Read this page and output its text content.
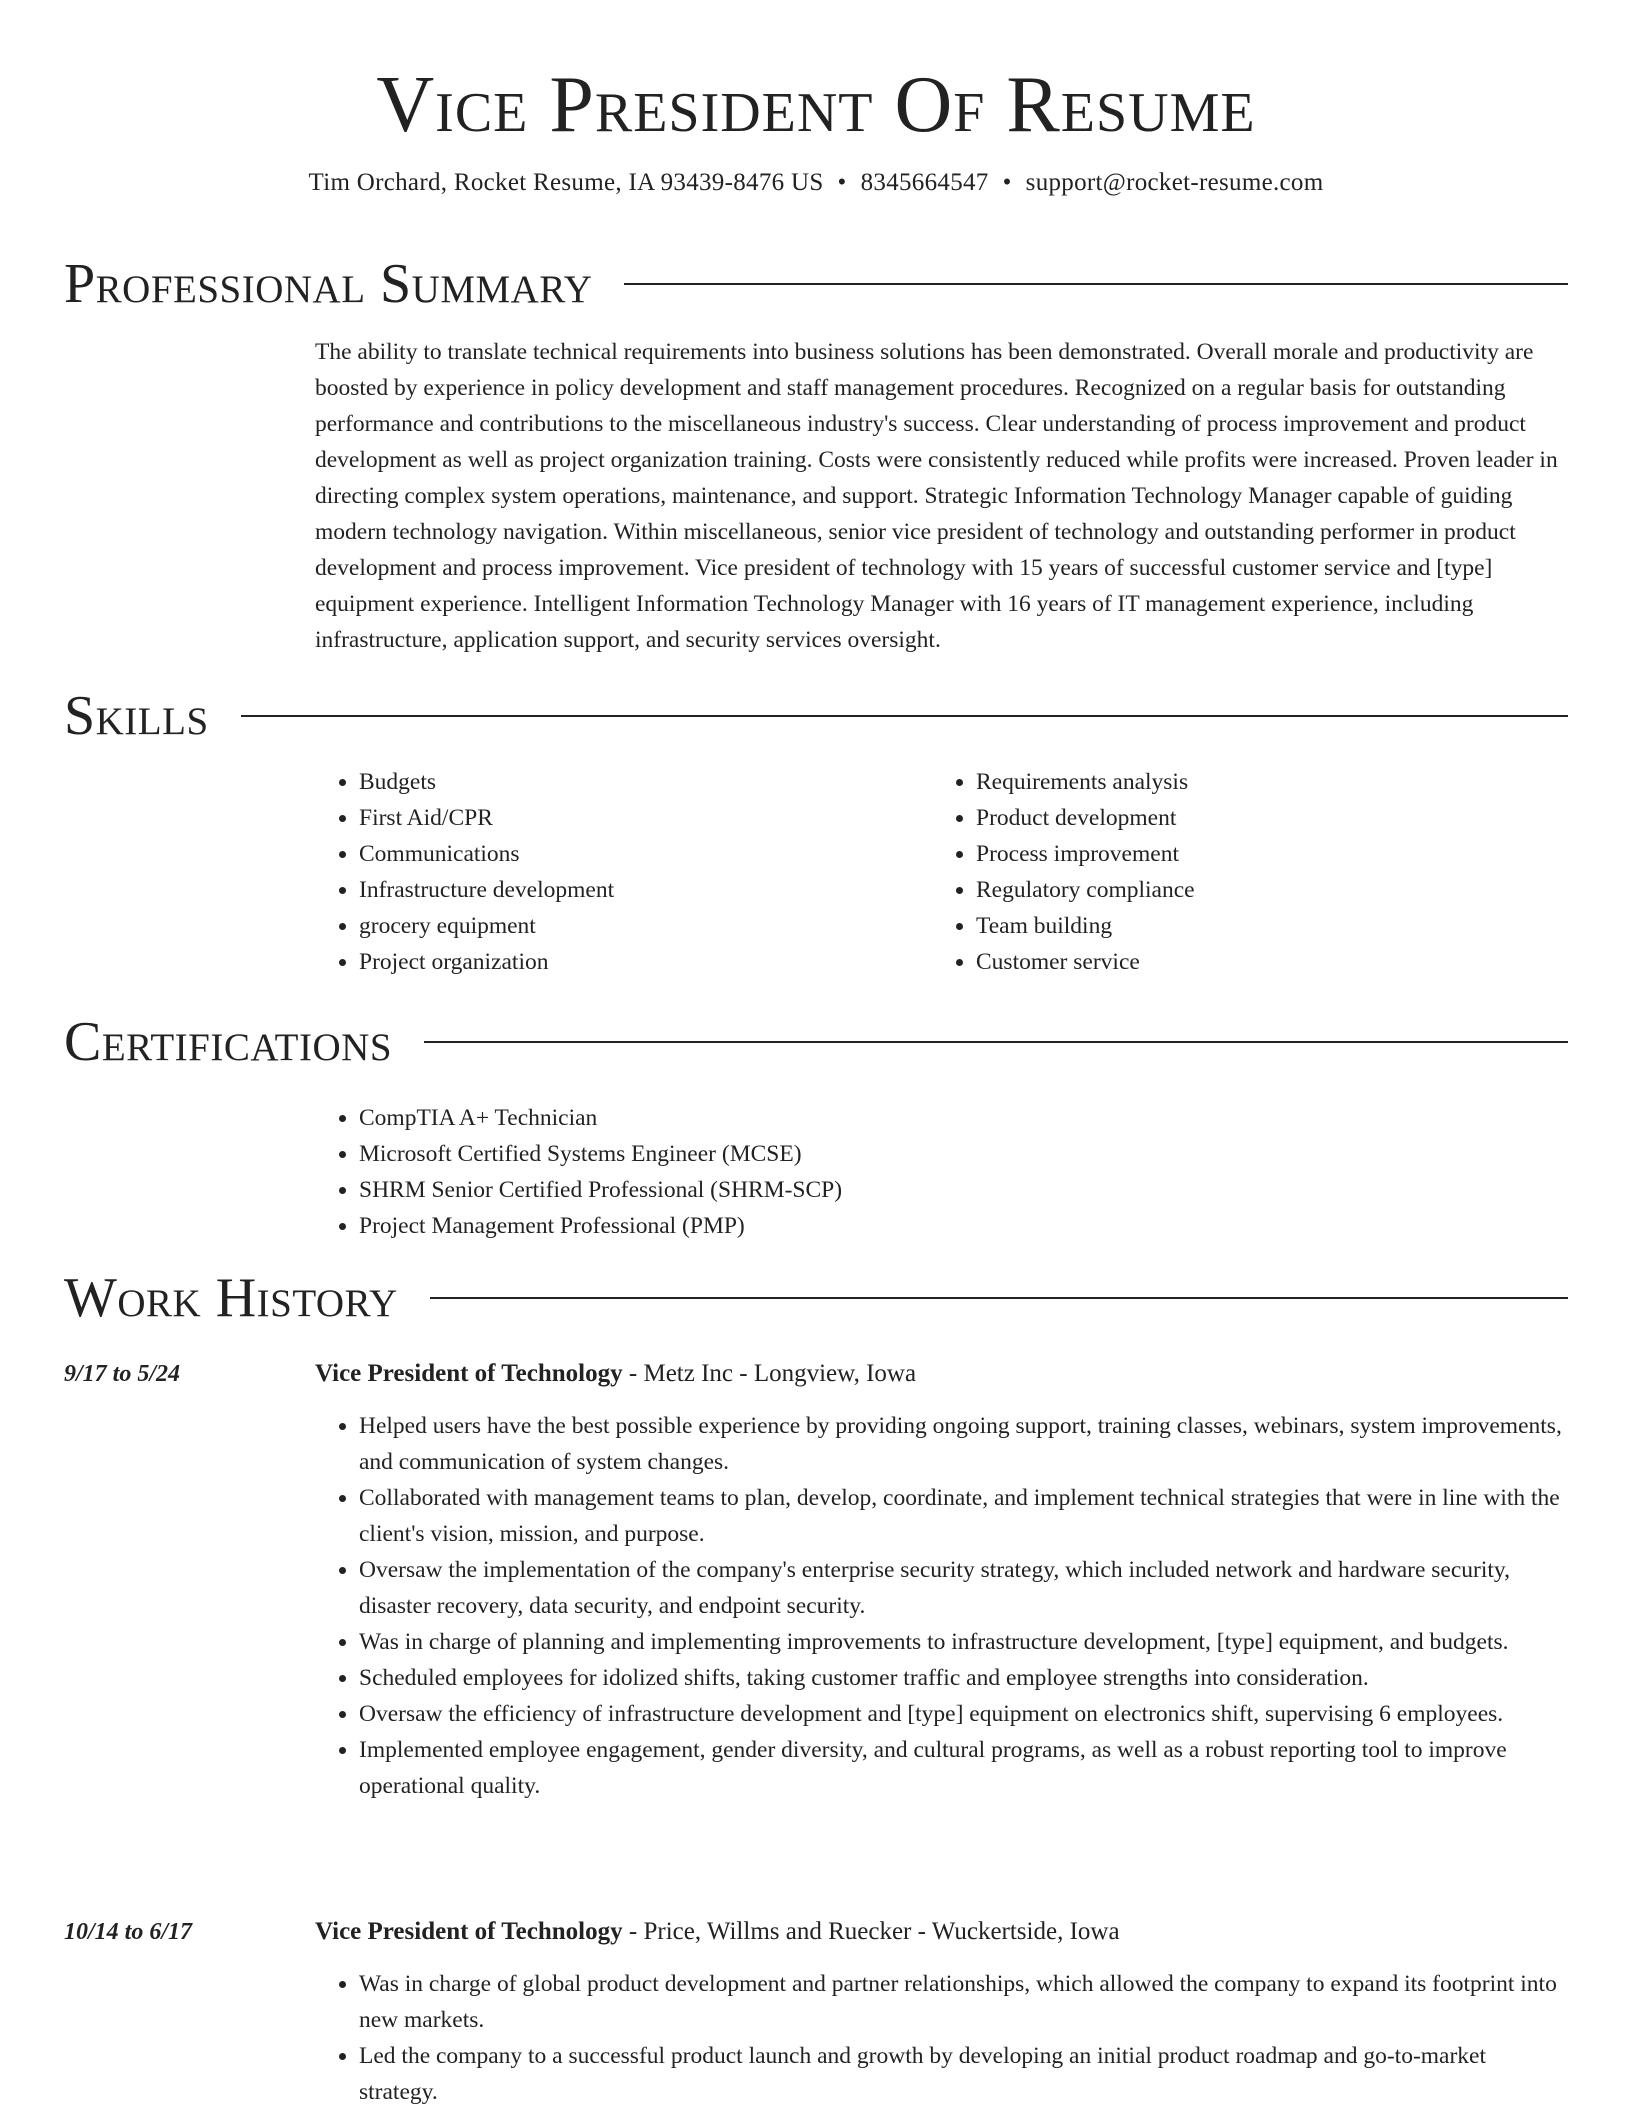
Vice President Of Resume
Tim Orchard, Rocket Resume, IA 93439-8476 US • 8345664547 • support@rocket-resume.com
Professional Summary

The ability to translate technical requirements into business solutions has been demonstrated. Overall morale and productivity are boosted by experience in policy development and staff management procedures. Recognized on a regular basis for outstanding performance and contributions to the miscellaneous industry's success. Clear understanding of process improvement and product development as well as project organization training. Costs were consistently reduced while profits were increased. Proven leader in directing complex system operations, maintenance, and support. Strategic Information Technology Manager capable of guiding modern technology navigation. Within miscellaneous, senior vice president of technology and outstanding performer in product development and process improvement. Vice president of technology with 15 years of successful customer service and [type] equipment experience. Intelligent Information Technology Manager with 16 years of IT management experience, including infrastructure, application support, and security services oversight.

Skills
• Budgets
• First Aid/CPR
• Communications
• Infrastructure development
• grocery equipment
• Project organization
• Requirements analysis
• Product development
• Process improvement
• Regulatory compliance
• Team building
• Customer service
Certifications
• CompTIA A+ Technician
• Microsoft Certified Systems Engineer (MCSE)
• SHRM Senior Certified Professional (SHRM-SCP)
• Project Management Professional (PMP)
Work History
9/17 to 5/24	Vice President of Technology - Metz Inc - Longview, Iowa
• Helped users have the best possible experience by providing ongoing support, training classes, webinars, system improvements, and communication of system changes.
• Collaborated with management teams to plan, develop, coordinate, and implement technical strategies that were in line with the client's vision, mission, and purpose.
• Oversaw the implementation of the company's enterprise security strategy, which included network and hardware security, disaster recovery, data security, and endpoint security.
• Was in charge of planning and implementing improvements to infrastructure development, [type] equipment, and budgets.
• Scheduled employees for idolized shifts, taking customer traffic and employee strengths into consideration.
• Oversaw the efficiency of infrastructure development and [type] equipment on electronics shift, supervising 6 employees.
• Implemented employee engagement, gender diversity, and cultural programs, as well as a robust reporting tool to improve operational quality.
10/14 to 6/17	Vice President of Technology - Price, Willms and Ruecker - Wuckertside, Iowa
• Was in charge of global product development and partner relationships, which allowed the company to expand its footprint into new markets.
• Led the company to a successful product launch and growth by developing an initial product roadmap and go-to-market strategy.
